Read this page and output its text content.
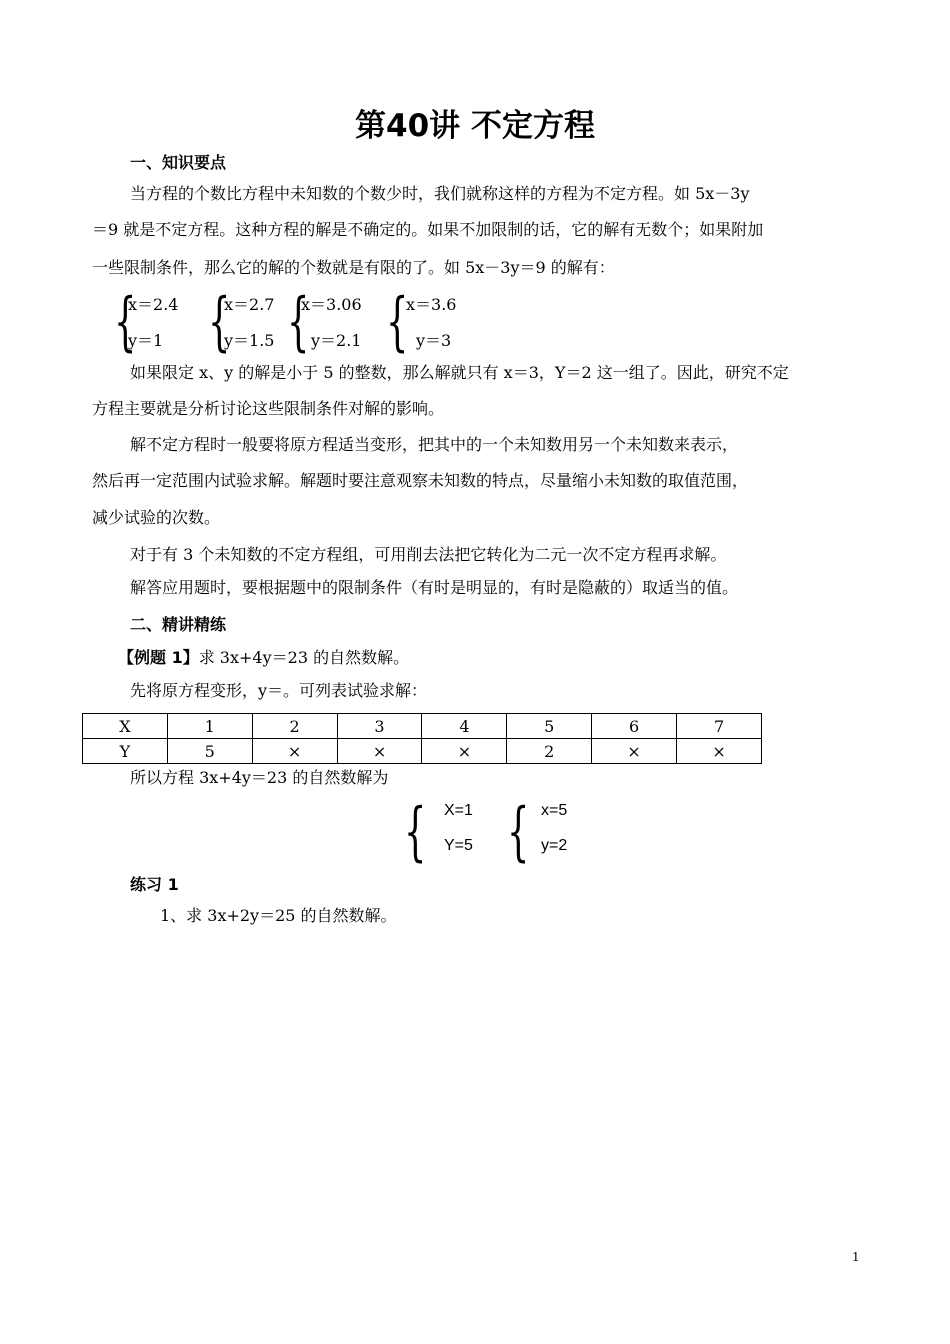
第40讲 不定方程
一、知识要点
当方程的个数比方程中未知数的个数少时，我们就称这样的方程为不定方程。如 5x－3y
＝9 就是不定方程。这种方程的解是不确定的。如果不加限制的话，它的解有无数个；如果附加
一些限制条件，那么它的解的个数就是有限的了。如 5x－3y＝9 的解有：
{
x＝2.4
y＝1 {
x＝2.7
y＝1.5 {
x＝3.06
y＝2.1 {
x＝3.6
y＝3
如果限定 x、y 的解是小于 5 的整数，那么解就只有 x＝3，Y＝2 这一组了。因此，研究不定
方程主要就是分析讨论这些限制条件对解的影响。
解不定方程时一般要将原方程适当变形，把其中的一个未知数用另一个未知数来表示，
然后再一定范围内试验求解。解题时要注意观察未知数的特点，尽量缩小未知数的取值范围，
减少试验的次数。
对于有 3 个未知数的不定方程组，可用削去法把它转化为二元一次不定方程再求解。
解答应用题时，要根据题中的限制条件（有时是明显的，有时是隐蔽的）取适当的值。
二、精讲精练
【例题 1】求 3x+4y＝23 的自然数解。
先将原方程变形，y＝。可列表试验求解：
X	1	2	3	4	5	6	7
Y	5	×	×	×	2	×	×
所以方程 3x+4y＝23 的自然数解为
{ X=1
Y=5 { x=5
y=2
练习 1
1、求 3x+2y＝25 的自然数解。
1
